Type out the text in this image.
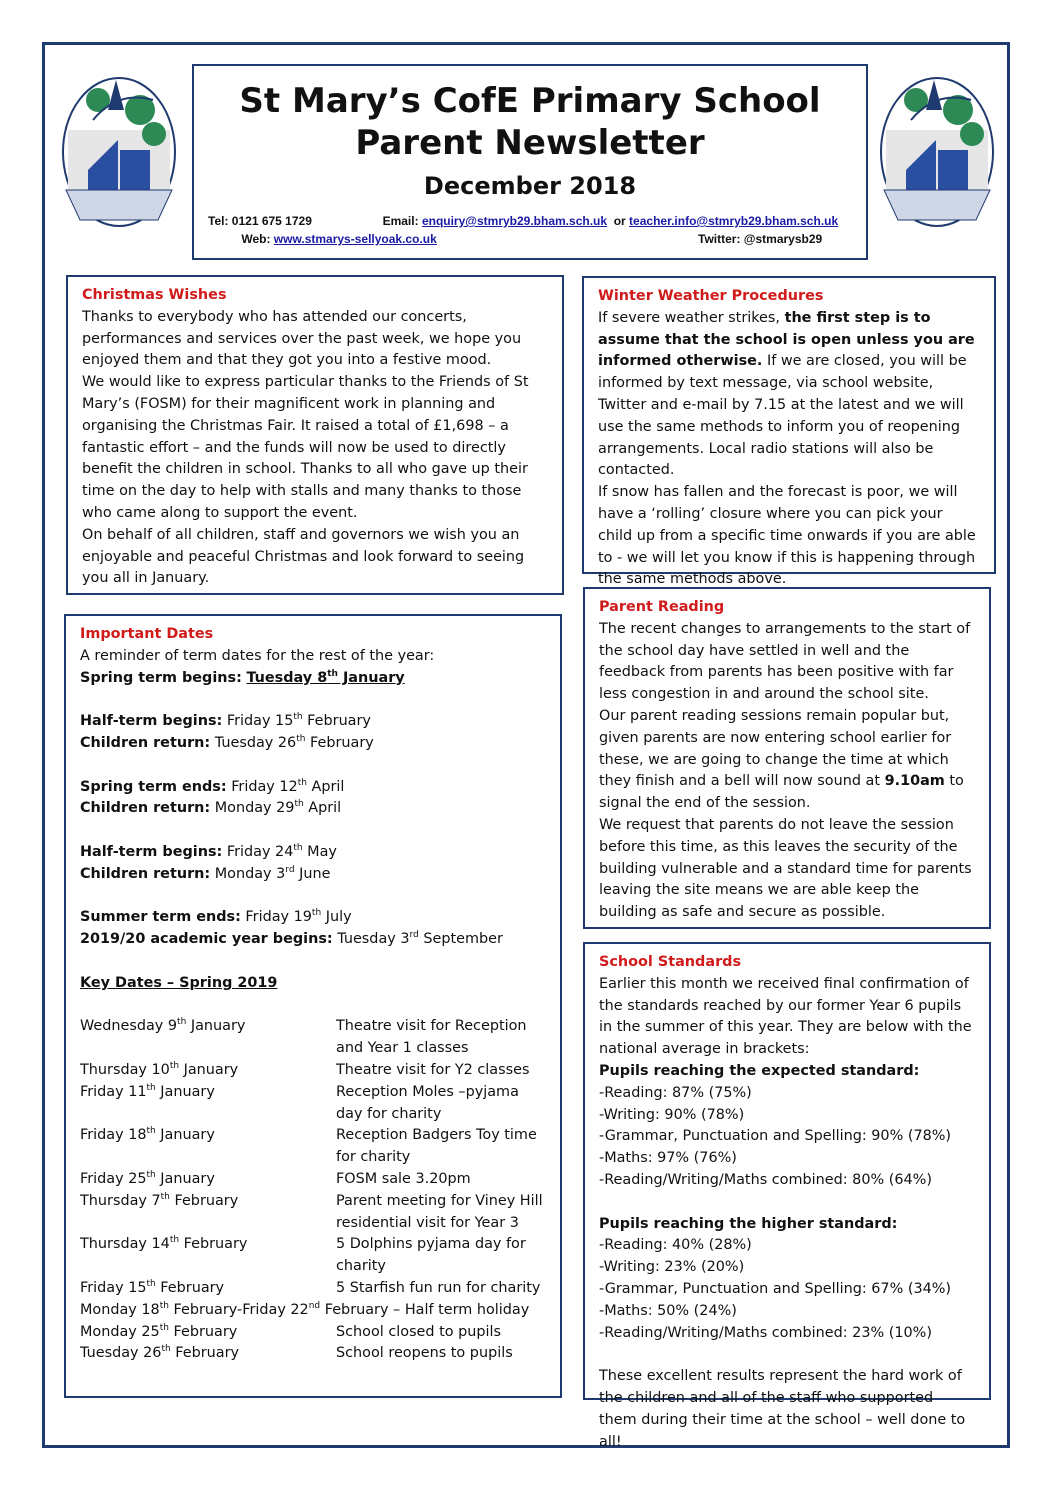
St Mary’s CofE Primary School
Parent Newsletter
December 2018
Tel: 0121 675 1729	Email: enquiry@stmryb29.bham.sch.uk or teacher.info@stmryb29.bham.sch.uk
Web: www.stmarys-sellyoak.co.uk	Twitter: @stmarysb29
Christmas Wishes

Thanks to everybody who has attended our concerts,

performances and services over the past week, we hope you

enjoyed them and that they got you into a festive mood.

We would like to express particular thanks to the Friends of St

Mary’s (FOSM) for their magnificent work in planning and

organising the Christmas Fair. It raised a total of £1,698 – a

fantastic effort – and the funds will now be used to directly

benefit the children in school. Thanks to all who gave up their

time on the day to help with stalls and many thanks to those

who came along to support the event.

On behalf of all children, staff and governors we wish you an

enjoyable and peaceful Christmas and look forward to seeing

you all in January.

Important Dates

A reminder of term dates for the rest of the year:

Spring term begins: Tuesday 8th January

Half-term begins: Friday 15th February

Children return: Tuesday 26th February

Spring term ends: Friday 12th April

Children return: Monday 29th April

Half-term begins: Friday 24th May

Children return: Monday 3rd June

Summer term ends: Friday 19th July

2019/20 academic year begins: Tuesday 3rd September

Key Dates – Spring 2019

Wednesday 9th January	Theatre visit for Reception
and Year 1 classes
Thursday 10th January	Theatre visit for Y2 classes
Friday 11th January	Reception Moles –pyjama
day for charity
Friday 18th January	Reception Badgers Toy time
for charity
Friday 25th January	FOSM sale 3.20pm
Thursday 7th February	Parent meeting for Viney Hill
residential visit for Year 3
Thursday 14th February	5 Dolphins pyjama day for
charity
Friday 15th February	5 Starfish fun run for charity

Monday 18th February-Friday 22nd February – Half term holiday

Monday 25th February	School closed to pupils
Tuesday 26th February	School reopens to pupils
Winter Weather Procedures

If severe weather strikes, the first step is to assume that the school is open unless you are informed otherwise. If we are closed, you will be informed by text message, via school website, Twitter and e-mail by 7.15 at the latest and we will use the same methods to inform you of reopening arrangements. Local radio stations will also be contacted.

If snow has fallen and the forecast is poor, we will have a ‘rolling’ closure where you can pick your child up from a specific time onwards if you are able to - we will let you know if this is happening through the same methods above.

Parent Reading

The recent changes to arrangements to the start of the school day have settled in well and the feedback from parents has been positive with far less congestion in and around the school site.

Our parent reading sessions remain popular but, given parents are now entering school earlier for these, we are going to change the time at which they finish and a bell will now sound at 9.10am to signal the end of the session.

We request that parents do not leave the session before this time, as this leaves the security of the building vulnerable and a standard time for parents leaving the site means we are able keep the building as safe and secure as possible.

School Standards

Earlier this month we received final confirmation of the standards reached by our former Year 6 pupils in the summer of this year. They are below with the national average in brackets:

Pupils reaching the expected standard:

-Reading: 87% (75%)

-Writing: 90% (78%)

-Grammar, Punctuation and Spelling: 90% (78%)

-Maths: 97% (76%)

-Reading/Writing/Maths combined: 80% (64%)

Pupils reaching the higher standard:

-Reading: 40% (28%)

-Writing: 23% (20%)

-Grammar, Punctuation and Spelling: 67% (34%)

-Maths: 50% (24%)

-Reading/Writing/Maths combined: 23% (10%)

These excellent results represent the hard work of the children and all of the staff who supported them during their time at the school – well done to all!
